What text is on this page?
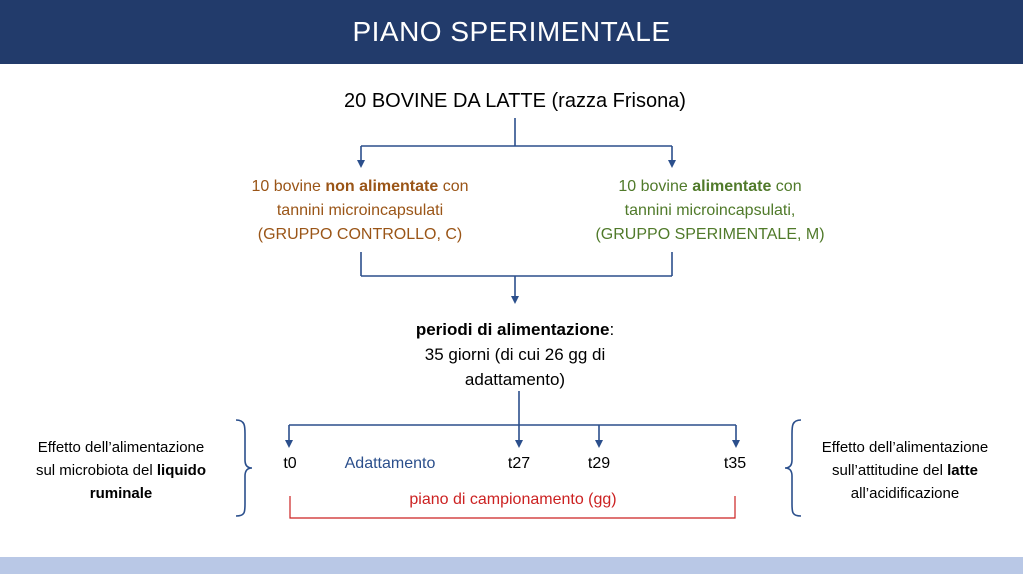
PIANO SPERIMENTALE
20 BOVINE DA LATTE (razza Frisona)
10 bovine non alimentate con
tannini microincapsulati
(GRUPPO CONTROLLO, C)
10 bovine alimentate con
tannini microincapsulati,
(GRUPPO SPERIMENTALE, M)
periodi di alimentazione:
35 giorni (di cui 26 gg di
adattamento)
t0	Adattamento	t27	t29	t35
piano di campionamento (gg)
Effetto dell’alimentazione
sul microbiota del liquido
ruminale
Effetto dell’alimentazione
sull’attitudine del latte
all’acidificazione
